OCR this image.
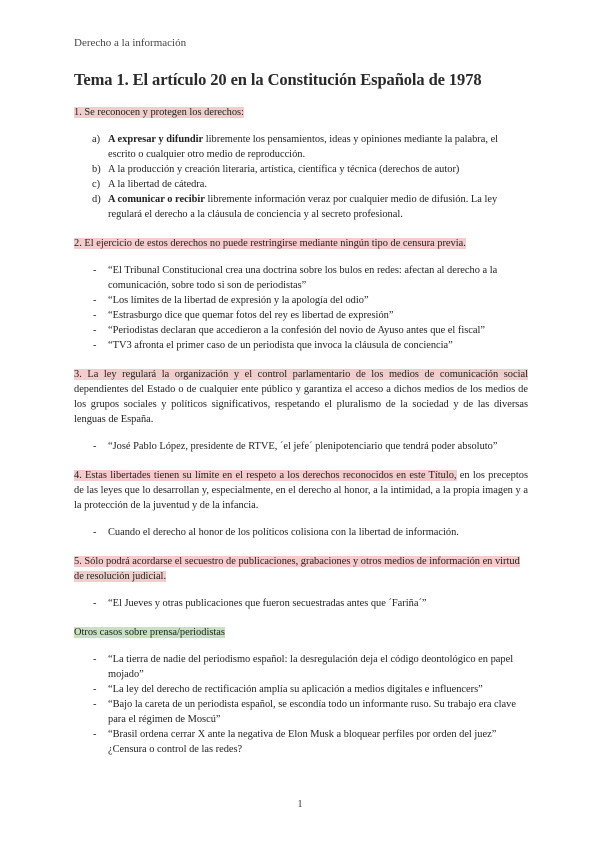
Derecho a la información
Tema 1. El artículo 20 en la Constitución Española de 1978

1. Se reconocen y protegen los derechos:

a) A expresar y difundir libremente los pensamientos, ideas y opiniones mediante la palabra, el escrito o cualquier otro medio de reproducción.
b) A la producción y creación literaria, artística, científica y técnica (derechos de autor)
c) A la libertad de cátedra.
d) A comunicar o recibir libremente información veraz por cualquier medio de difusión. La ley regulará el derecho a la cláusula de conciencia y al secreto profesional.

2. El ejercicio de estos derechos no puede restringirse mediante ningún tipo de censura previa.

- “El Tribunal Constitucional crea una doctrina sobre los bulos en redes: afectan al derecho a la comunicación, sobre todo si son de periodistas”
- “Los límites de la libertad de expresión y la apología del odio”
- “Estrasburgo dice que quemar fotos del rey es libertad de expresión”
- “Periodistas declaran que accedieron a la confesión del novio de Ayuso antes que el fiscal”
- “TV3 afronta el primer caso de un periodista que invoca la cláusula de conciencia”

3. La ley regulará la organización y el control parlamentario de los medios de comunicación social dependientes del Estado o de cualquier ente público y garantiza el acceso a dichos medios de los medios de los grupos sociales y políticos significativos, respetando el pluralismo de la sociedad y de las diversas lenguas de España.

- “José Pablo López, presidente de RTVE, ´el jefe´ plenipotenciario que tendrá poder absoluto”

4. Estas libertades tienen su límite en el respeto a los derechos reconocidos en este Título, en los preceptos de las leyes que lo desarrollan y, especialmente, en el derecho al honor, a la intimidad, a la propia imagen y a la protección de la juventud y de la infancia.

- Cuando el derecho al honor de los políticos colisiona con la libertad de información.

5. Sólo podrá acordarse el secuestro de publicaciones, grabaciones y otros medios de información en virtud de resolución judicial.

- “El Jueves y otras publicaciones que fueron secuestradas antes que ´Fariña´”

Otros casos sobre prensa/periodistas

- “La tierra de nadie del periodismo español: la desregulación deja el código deontológico en papel mojado”
- “La ley del derecho de rectificación amplía su aplicación a medios digitales e influencers”
- “Bajo la careta de un periodista español, se escondía todo un informante ruso. Su trabajo era clave para el régimen de Moscú”
- “Brasil ordena cerrar X ante la negativa de Elon Musk a bloquear perfiles por orden del juez” ¿Censura o control de las redes?
1
